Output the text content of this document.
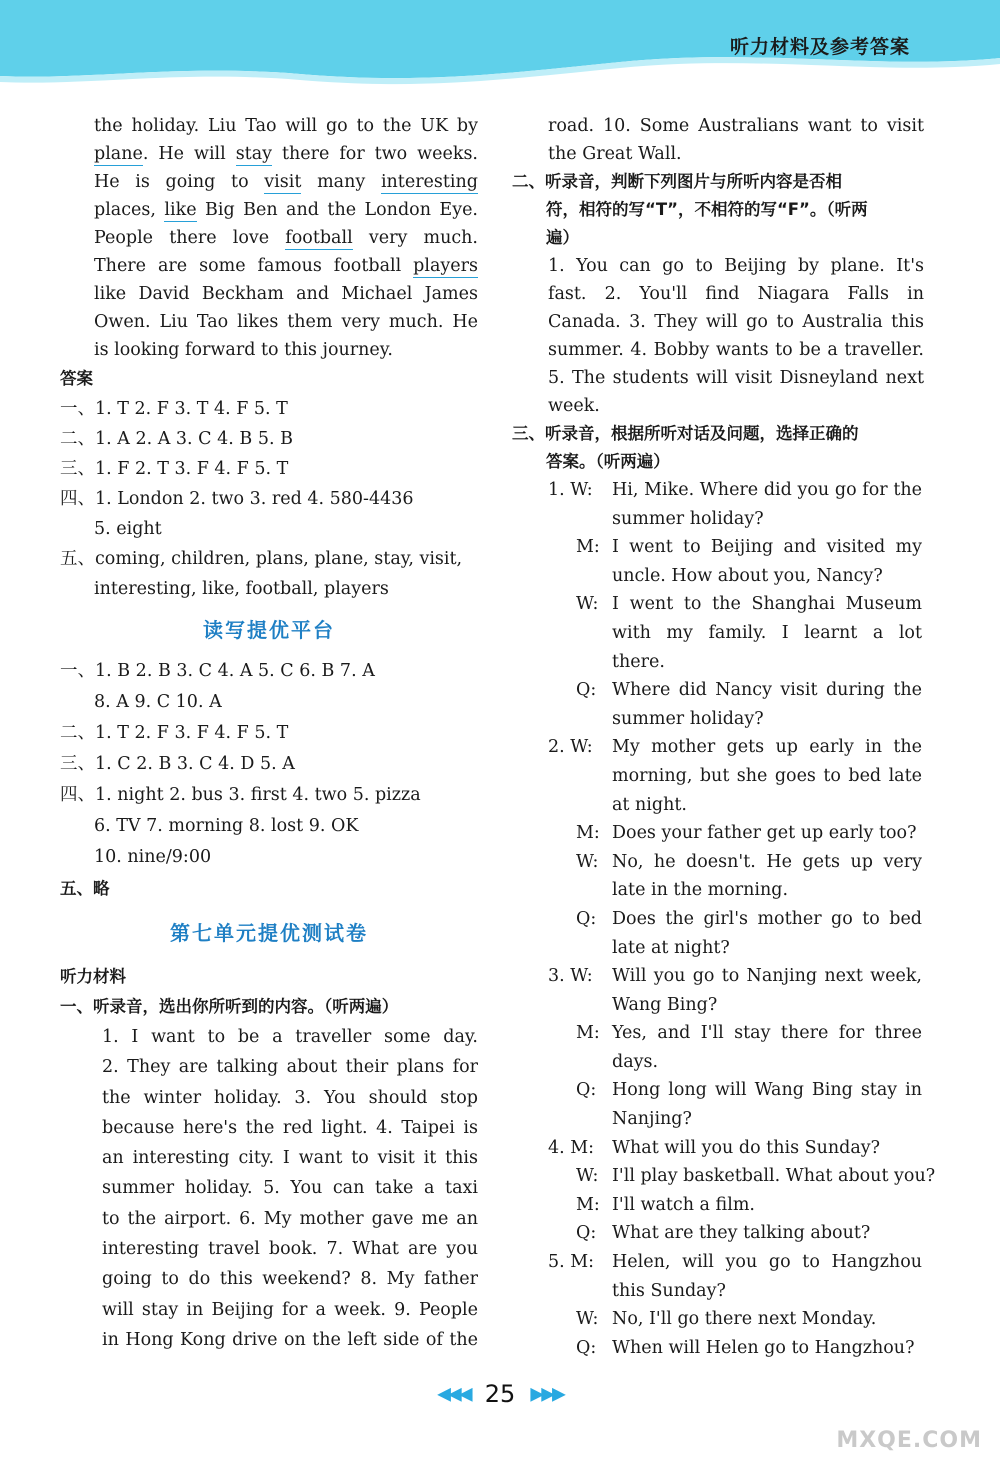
听力材料及参考答案
the holiday. Liu Tao will go to the UK by
plane. He will stay there for two weeks.
He is going to visit many interesting
places, like Big Ben and the London Eye.
People there love football very much.
There are some famous football players
like David Beckham and Michael James
Owen. Liu Tao likes them very much. He
is looking forward to this journey.
答案
一、1. T 2. F 3. T 4. F 5. T
二、1. A 2. A 3. C 4. B 5. B
三、1. F 2. T 3. F 4. F 5. T
四、1. London 2. two 3. red 4. 580-4436
5. eight
五、coming, children, plans, plane, stay, visit,
interesting, like, football, players
读写提优平台
一、1. B 2. B 3. C 4. A 5. C 6. B 7. A
8. A 9. C 10. A
二、1. T 2. F 3. F 4. F 5. T
三、1. C 2. B 3. C 4. D 5. A
四、1. night 2. bus 3. first 4. two 5. pizza
6. TV 7. morning 8. lost 9. OK
10. nine/9:00
五、略
第七单元提优测试卷
听力材料
一、听录音，选出你所听到的内容。（听两遍）
1. I want to be a traveller some day.
2. They are talking about their plans for
the winter holiday. 3. You should stop
because here's the red light. 4. Taipei is
an interesting city. I want to visit it this
summer holiday. 5. You can take a taxi
to the airport. 6. My mother gave me an
interesting travel book. 7. What are you
going to do this weekend? 8. My father
will stay in Beijing for a week. 9. People
in Hong Kong drive on the left side of the
road. 10. Some Australians want to visit
the Great Wall.
二、听录音，判断下列图片与所听内容是否相
符，相符的写“T”，不相符的写“F”。（听两
遍）
1. You can go to Beijing by plane. It's
fast. 2. You'll find Niagara Falls in
Canada. 3. They will go to Australia this
summer. 4. Bobby wants to be a traveller.
5. The students will visit Disneyland next
week.
三、听录音，根据所听对话及问题，选择正确的
答案。（听两遍）
1. W: Hi, Mike. Where did you go for the
summer holiday?
M: I went to Beijing and visited my
uncle. How about you, Nancy?
W: I went to the Shanghai Museum
with my family. I learnt a lot
there.
Q: Where did Nancy visit during the
summer holiday?
2. W: My mother gets up early in the
morning, but she goes to bed late
at night.
M: Does your father get up early too?
W: No, he doesn't. He gets up very
late in the morning.
Q: Does the girl's mother go to bed
late at night?
3. W: Will you go to Nanjing next week,
Wang Bing?
M: Yes, and I'll stay there for three
days.
Q: Hong long will Wang Bing stay in
Nanjing?
4. M: What will you do this Sunday?
W: I'll play basketball. What about you?
M: I'll watch a film.
Q: What are they talking about?
5. M: Helen, will you go to Hangzhou
this Sunday?
W: No, I'll go there next Monday.
Q: When will Helen go to Hangzhou?
◀◀◀ 25 ▶▶▶
MXQE.COM
